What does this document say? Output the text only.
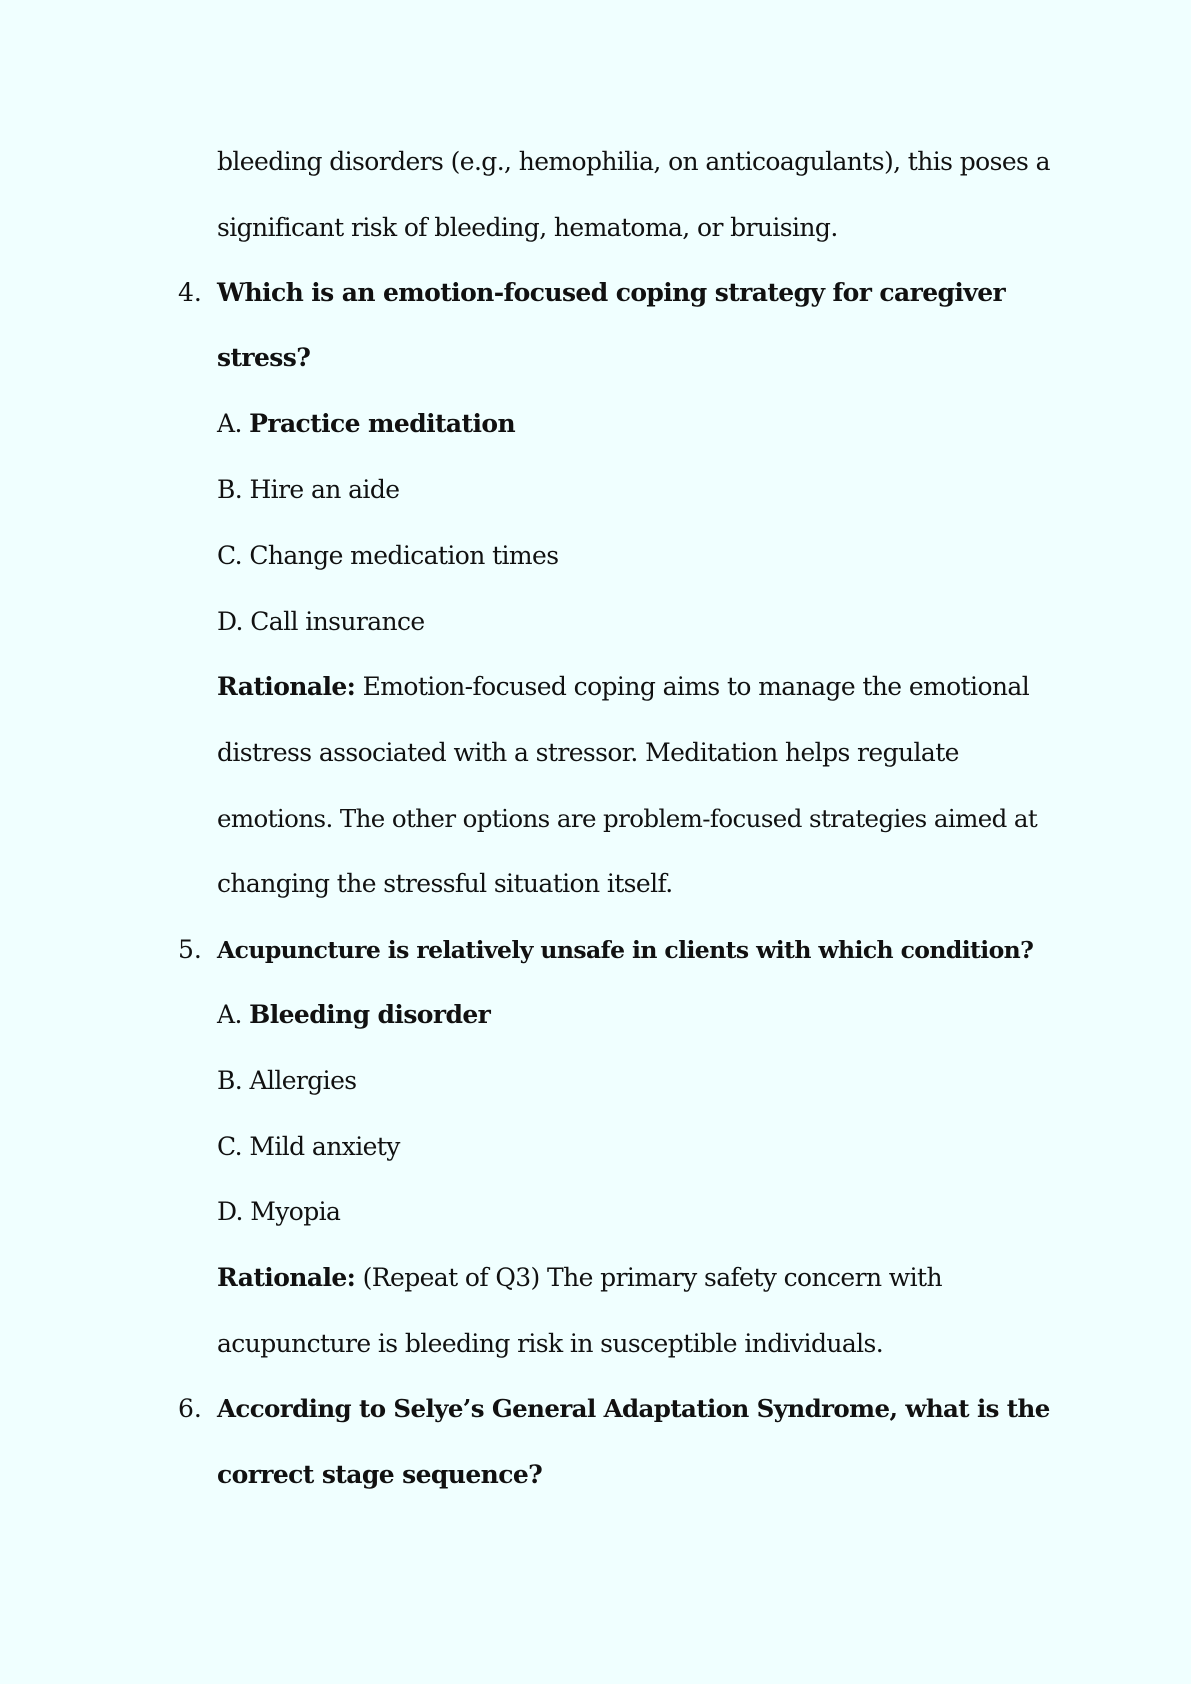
bleeding disorders (e.g., hemophilia, on anticoagulants), this poses a
significant risk of bleeding, hematoma, or bruising.
4. Which is an emotion-focused coping strategy for caregiver
stress?
A. Practice meditation
B. Hire an aide
C. Change medication times
D. Call insurance
Rationale: Emotion-focused coping aims to manage the emotional
distress associated with a stressor. Meditation helps regulate
emotions. The other options are problem-focused strategies aimed at
changing the stressful situation itself.
5. Acupuncture is relatively unsafe in clients with which condition?
A. Bleeding disorder
B. Allergies
C. Mild anxiety
D. Myopia
Rationale: (Repeat of Q3) The primary safety concern with
acupuncture is bleeding risk in susceptible individuals.
6. According to Selye’s General Adaptation Syndrome, what is the
correct stage sequence?
